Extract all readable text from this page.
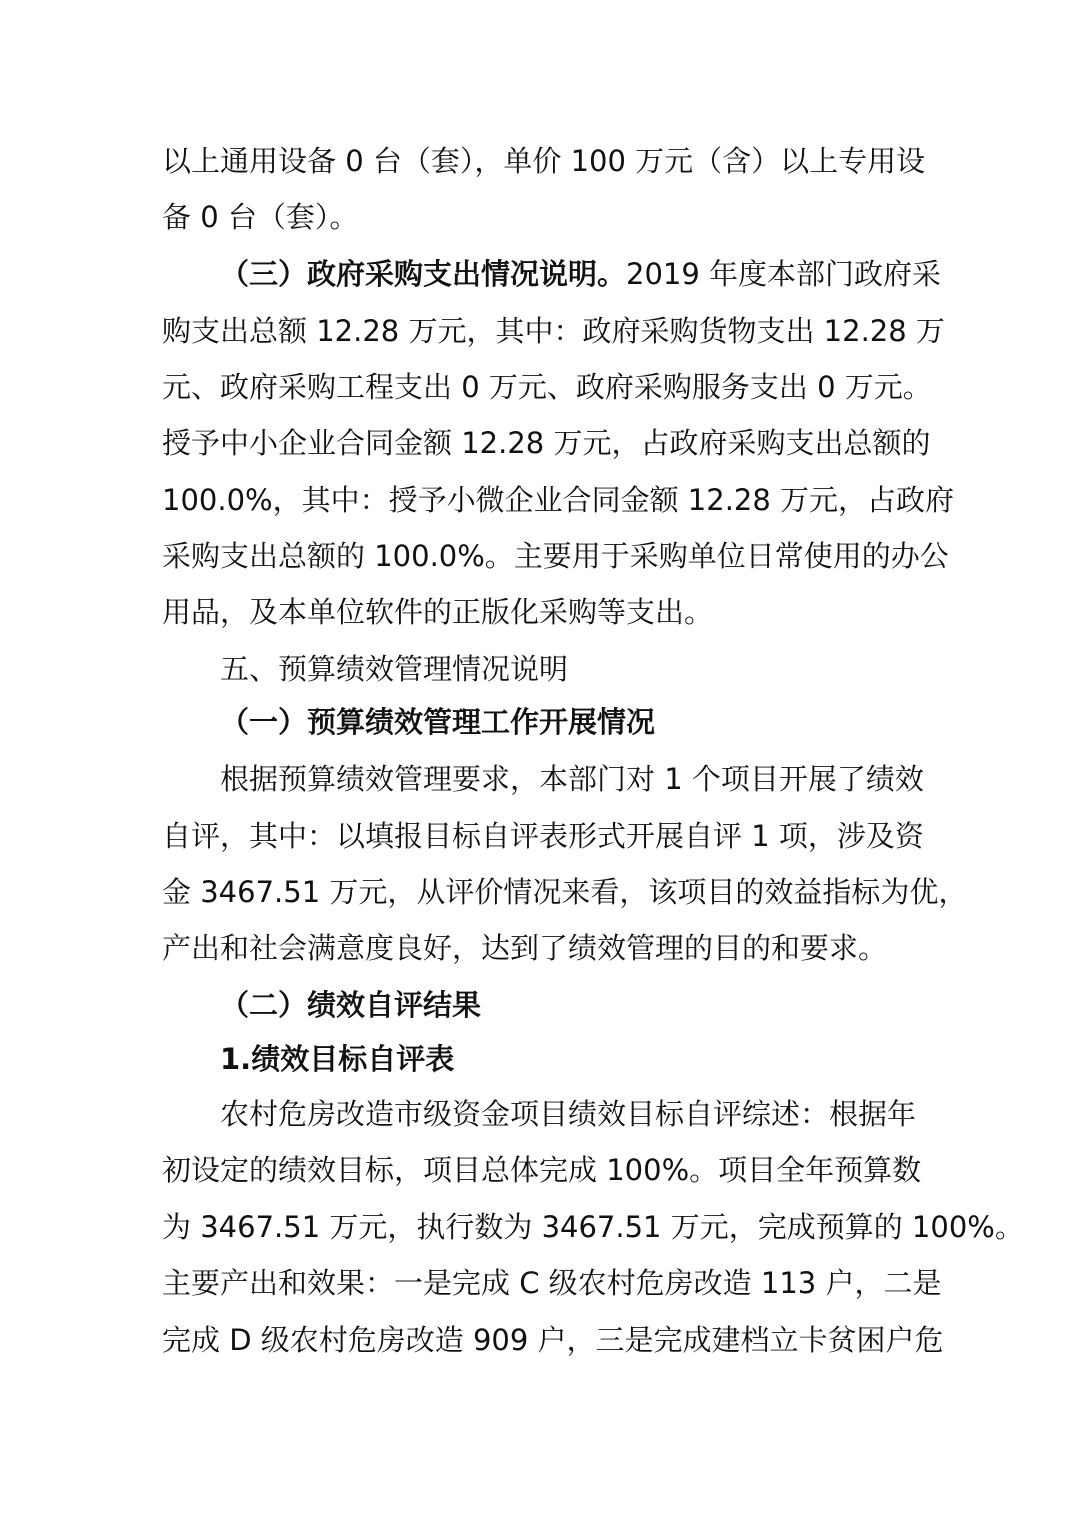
以上通用设备 0 台（套），单价 100 万元（含）以上专用设
备 0 台（套）。
（三）政府采购支出情况说明。2019 年度本部门政府采
购支出总额 12.28 万元，其中：政府采购货物支出 12.28 万
元、政府采购工程支出 0 万元、政府采购服务支出 0 万元。
授予中小企业合同金额 12.28 万元，占政府采购支出总额的
100.0%，其中：授予小微企业合同金额 12.28 万元，占政府
采购支出总额的 100.0%。主要用于采购单位日常使用的办公
用品，及本单位软件的正版化采购等支出。
五、预算绩效管理情况说明
（一）预算绩效管理工作开展情况
根据预算绩效管理要求，本部门对 1 个项目开展了绩效
自评，其中：以填报目标自评表形式开展自评 1 项，涉及资
金 3467.51 万元，从评价情况来看，该项目的效益指标为优，
产出和社会满意度良好，达到了绩效管理的目的和要求。
（二）绩效自评结果
1.绩效目标自评表
农村危房改造市级资金项目绩效目标自评综述：根据年
初设定的绩效目标，项目总体完成 100%。项目全年预算数
为 3467.51 万元，执行数为 3467.51 万元，完成预算的 100%。
主要产出和效果：一是完成 C 级农村危房改造 113 户，二是
完成 D 级农村危房改造 909 户，三是完成建档立卡贫困户危
